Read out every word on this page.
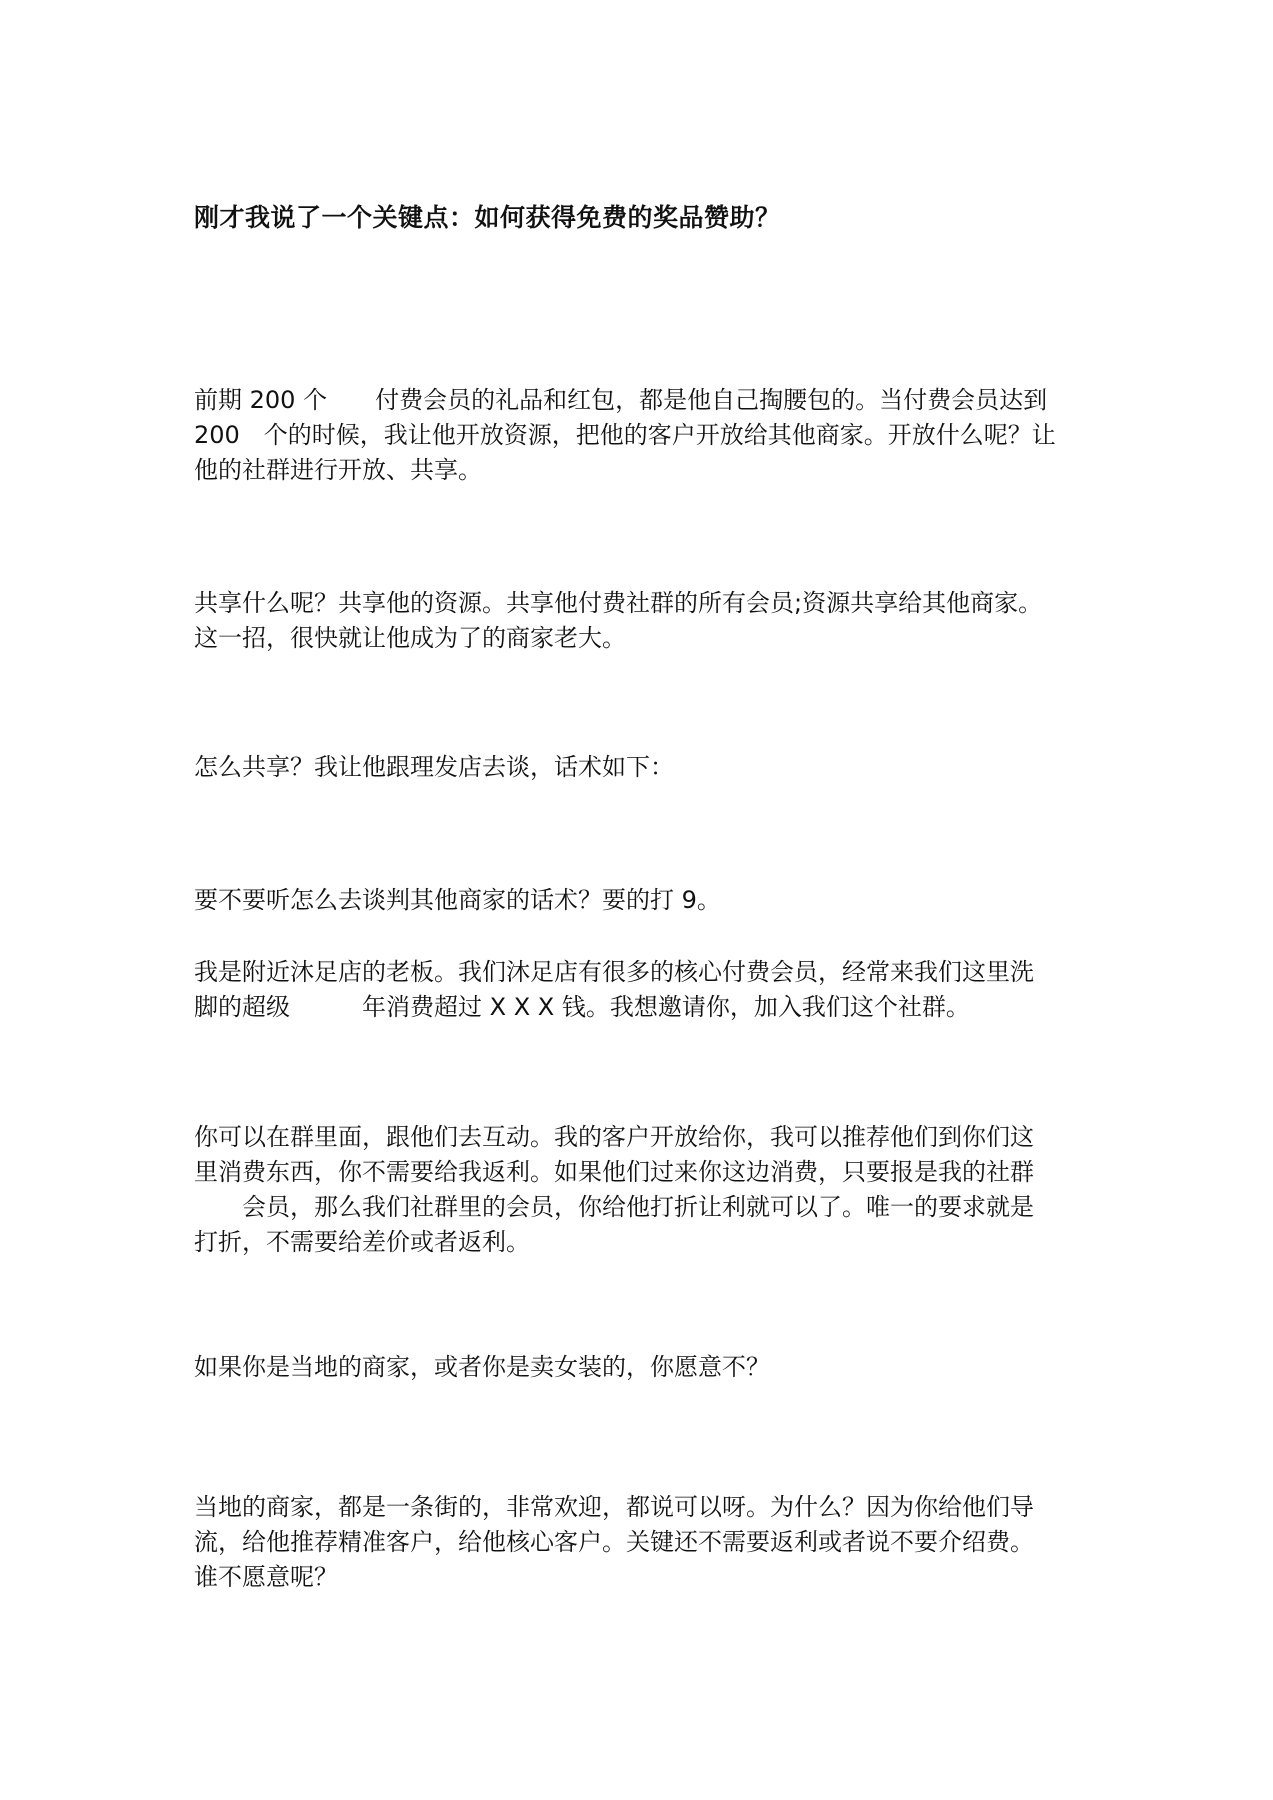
刚才我说了一个关键点：如何获得免费的奖品赞助？

前期 200 个　　付费会员的礼品和红包，都是他自己掏腰包的。当付费会员达到
200　个的时候，我让他开放资源，把他的客户开放给其他商家。开放什么呢？让
他的社群进行开放、共享。

共享什么呢？共享他的资源。共享他付费社群的所有会员;资源共享给其他商家。
这一招，很快就让他成为了的商家老大。

怎么共享？我让他跟理发店去谈，话术如下：

要不要听怎么去谈判其他商家的话术？要的打 9。

我是附近沐足店的老板。我们沐足店有很多的核心付费会员，经常来我们这里洗
脚的超级　　　年消费超过 X X X 钱。我想邀请你，加入我们这个社群。

你可以在群里面，跟他们去互动。我的客户开放给你，我可以推荐他们到你们这
里消费东西，你不需要给我返利。如果他们过来你这边消费，只要报是我的社群
会员，那么我们社群里的会员，你给他打折让利就可以了。唯一的要求就是
打折，不需要给差价或者返利。

如果你是当地的商家，或者你是卖女装的，你愿意不？

当地的商家，都是一条街的，非常欢迎，都说可以呀。为什么？因为你给他们导
流，给他推荐精准客户，给他核心客户。关键还不需要返利或者说不要介绍费。
谁不愿意呢？
